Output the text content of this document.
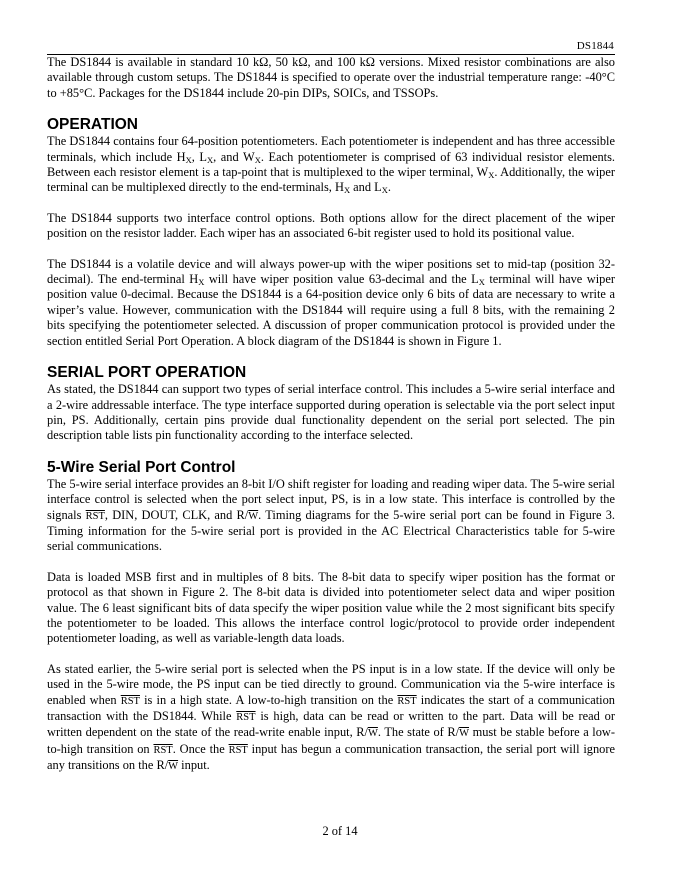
DS1844

The DS1844 is available in standard 10 kΩ, 50 kΩ, and 100 kΩ versions. Mixed resistor combinations are also available through custom setups. The DS1844 is specified to operate over the industrial temperature range: -40°C to +85°C. Packages for the DS1844 include 20-pin DIPs, SOICs, and TSSOPs.

OPERATION

The DS1844 contains four 64-position potentiometers. Each potentiometer is independent and has three accessible terminals, which include $H_X$, $L_X$, and $W_X$. Each potentiometer is comprised of 63 individual resistor elements. Between each resistor element is a tap-point that is multiplexed to the wiper terminal, $W_X$. Additionally, the wiper terminal can be multiplexed directly to the end-terminals, $H_X$ and $L_X$.

The DS1844 supports two interface control options. Both options allow for the direct placement of the wiper position on the resistor ladder. Each wiper has an associated 6-bit register used to hold its positional value.

The DS1844 is a volatile device and will always power-up with the wiper positions set to mid-tap (position 32-decimal). The end-terminal $H_X$ will have wiper position value 63-decimal and the $L_X$ terminal will have wiper position value 0-decimal. Because the DS1844 is a 64-position device only 6 bits of data are necessary to write a wiper’s value. However, communication with the DS1844 will require using a full 8 bits, with the remaining 2 bits specifying the potentiometer selected. A discussion of proper communication protocol is provided under the section entitled Serial Port Operation. A block diagram of the DS1844 is shown in Figure 1.

SERIAL PORT OPERATION

As stated, the DS1844 can support two types of serial interface control. This includes a 5-wire serial interface and a 2-wire addressable interface. The type interface supported during operation is selectable via the port select input pin, PS. Additionally, certain pins provide dual functionality dependent on the serial port selected. The pin description table lists pin functionality according to the interface selected.

5-Wire Serial Port Control

The 5-wire serial interface provides an 8-bit I/O shift register for loading and reading wiper data. The 5-wire serial interface control is selected when the port select input, PS, is in a low state. This interface is controlled by the signals $\overline{RST}$, DIN, DOUT, CLK, and $R/\overline{W}$. Timing diagrams for the 5-wire serial port can be found in Figure 3. Timing information for the 5-wire serial port is provided in the AC Electrical Characteristics table for 5-wire serial communications.

Data is loaded MSB first and in multiples of 8 bits. The 8-bit data to specify wiper position has the format or protocol as that shown in Figure 2. The 8-bit data is divided into potentiometer select data and wiper position value. The 6 least significant bits of data specify the wiper position value while the 2 most significant bits specify the potentiometer to be loaded. This allows the interface control logic/protocol to provide order independent potentiometer loading, as well as variable-length data loads.

As stated earlier, the 5-wire serial port is selected when the PS input is in a low state. If the device will only be used in the 5-wire mode, the PS input can be tied directly to ground. Communication via the 5-wire interface is enabled when $\overline{RST}$ is in a high state. A low-to-high transition on the $\overline{RST}$ indicates the start of a communication transaction with the DS1844. While $\overline{RST}$ is high, data can be read or written to the part. Data will be read or written dependent on the state of the read-write enable input, $R/\overline{W}$. The state of $R/\overline{W}$ must be stable before a low-to-high transition on $\overline{RST}$. Once the $\overline{RST}$ input has begun a communication transaction, the serial port will ignore any transitions on the $R/\overline{W}$ input.

2 of 14
